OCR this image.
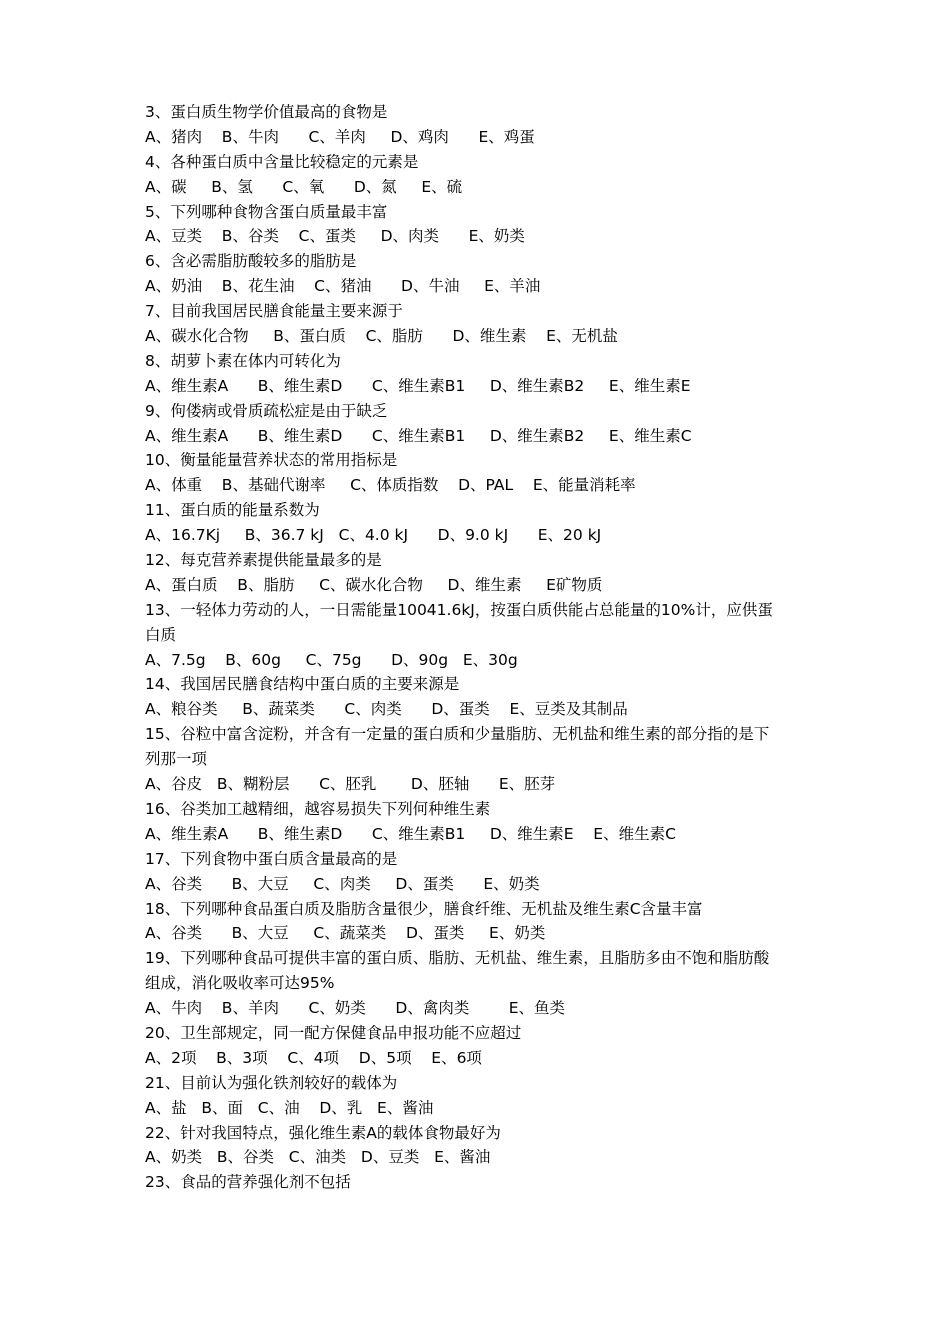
3、蛋白质生物学价值最高的食物是
A、猪肉    B、牛肉      C、羊肉     D、鸡肉      E、鸡蛋
4、各种蛋白质中含量比较稳定的元素是
A、碳     B、氢      C、氧      D、氮     E、硫
5、下列哪种食物含蛋白质量最丰富
A、豆类    B、谷类    C、蛋类     D、肉类      E、奶类
6、含必需脂肪酸较多的脂肪是
A、奶油    B、花生油    C、猪油      D、牛油     E、羊油
7、目前我国居民膳食能量主要来源于
A、碳水化合物     B、蛋白质    C、脂肪      D、维生素    E、无机盐
8、胡萝卜素在体内可转化为
A、维生素A      B、维生素D      C、维生素B1     D、维生素B2     E、维生素E
9、佝偻病或骨质疏松症是由于缺乏
A、维生素A      B、维生素D      C、维生素B1     D、维生素B2     E、维生素C
10、衡量能量营养状态的常用指标是
A、体重    B、基础代谢率     C、体质指数    D、PAL    E、能量消耗率
11、蛋白质的能量系数为
A、16.7Kj     B、36.7 kJ   C、4.0 kJ      D、9.0 kJ      E、20 kJ
12、每克营养素提供能量最多的是
A、蛋白质    B、脂肪     C、碳水化合物     D、维生素     E矿物质
13、一轻体力劳动的人，一日需能量10041.6kJ，按蛋白质供能占总能量的10%计，应供蛋
白质
A、7.5g    B、60g     C、75g      D、90g   E、30g
14、我国居民膳食结构中蛋白质的主要来源是
A、粮谷类     B、蔬菜类      C、肉类      D、蛋类    E、豆类及其制品
15、谷粒中富含淀粉，并含有一定量的蛋白质和少量脂肪、无机盐和维生素的部分指的是下
列那一项
A、谷皮   B、糊粉层      C、胚乳       D、胚轴      E、胚芽
16、谷类加工越精细，越容易损失下列何种维生素
A、维生素A      B、维生素D      C、维生素B1     D、维生素E    E、维生素C
17、下列食物中蛋白质含量最高的是
A、谷类      B、大豆     C、肉类     D、蛋类      E、奶类
18、下列哪种食品蛋白质及脂肪含量很少，膳食纤维、无机盐及维生素C含量丰富
A、谷类      B、大豆     C、蔬菜类    D、蛋类     E、奶类
19、下列哪种食品可提供丰富的蛋白质、脂肪、无机盐、维生素，且脂肪多由不饱和脂肪酸
组成，消化吸收率可达95%
A、牛肉    B、羊肉      C、奶类      D、禽肉类        E、鱼类
20、卫生部规定，同一配方保健食品申报功能不应超过
A、2项    B、3项    C、4项    D、5项    E、6项
21、目前认为强化铁剂较好的载体为
A、盐   B、面   C、油    D、乳   E、酱油
22、针对我国特点，强化维生素A的载体食物最好为
A、奶类   B、谷类   C、油类   D、豆类   E、酱油
23、食品的营养强化剂不包括
